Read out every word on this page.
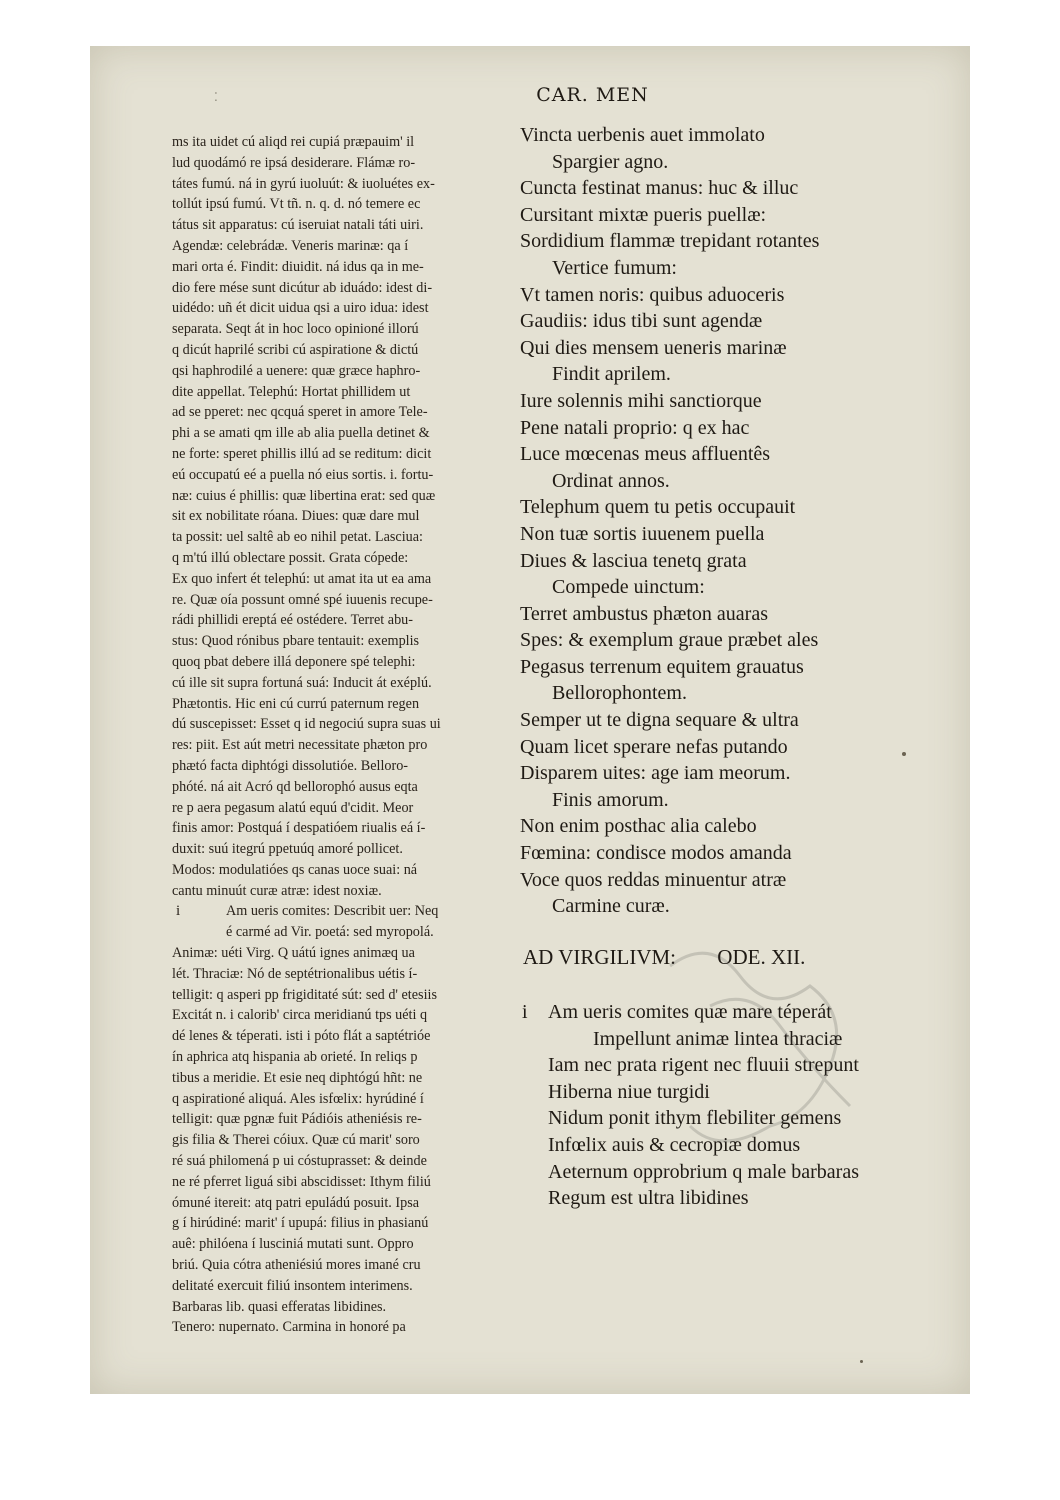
⁚	CAR. MEN
ms ita uidet cú aliqd rei cupiá præpauim' il
lud quodámó re ipsá desiderare. Flámæ ro-
tátes fumú. ná in gyrú iuoluút: & iuoluétes ex-
tollút ipsú fumú. Vt tñ. n. q. d. nó temere ec
tátus sit apparatus: cú iseruiat natali táti uiri.
Agendæ: celebrádæ. Veneris marinæ: qa í
mari orta é. Findit: diuidit. ná idus qa in me-
dio fere mése sunt dicútur ab iduádo: idest di-
uidédo: uñ ét dicit uidua qsi a uiro idua: idest
separata. Seqt át in hoc loco opinioné illorú
q dicút haprilé scribi cú aspiratione & dictú
qsi haphrodilé a uenere: quæ græce haphro-
dite appellat. Telephú: Hortat phillidem ut
ad se pperet: nec qcquá speret in amore Tele-
phi a se amati qm ille ab alia puella detinet &
ne forte: speret phillis illú ad se reditum: dicit
eú occupatú eé a puella nó eius sortis. i. fortu-
næ: cuius é phillis: quæ libertina erat: sed quæ
sit ex nobilitate róana. Diues: quæ dare mul
ta possit: uel saltê ab eo nihil petat. Lasciua:
q m'tú illú oblectare possit. Grata cópede:
Ex quo infert ét telephú: ut amat ita ut ea ama
re. Quæ oía possunt omné spé iuuenis recupe-
rádi phillidi ereptá eé ostédere. Terret abu-
stus: Quod rónibus pbare tentauit: exemplis
quoq pbat debere illá deponere spé telephi:
cú ille sit supra fortuná suá: Inducit át exéplú.
Phætontis. Hic eni cú currú paternum regen
dú suscepisset: Esset q id negociú supra suas ui
res: piit. Est aút metri necessitate phæton pro
phætó facta diphtógi dissolutióe. Belloro-
phóté. ná ait Acró qd bellorophó ausus eqta
re p aera pegasum alatú equú d'cidit. Meor
finis amor: Postquá í despatióem riualis eá í-
duxit: suú itegrú ppetuúq amoré pollicet.
Modos: modulatióes qs canas uoce suai: ná
cantu minuút curæ atræ: idest noxiæ.
i	Am ueris comites: Describit uer: Neq
é carmé ad Vir. poetá: sed myropolá.
Animæ: uéti Virg. Q uátú ignes animæq ua
lét. Thraciæ: Nó de septétrionalibus uétis í-
telligit: q asperi pp frigiditaté sút: sed d' etesiis
Excitát n. i calorib' circa meridianú tps uéti q
dé lenes & téperati. isti i póto flát a saptétrióe
ín aphrica atq hispania ab orieté. In reliqs p
tibus a meridie. Et esie neq diphtógú hñt: ne
q aspirationé aliquá. Ales isfœlix: hyrúdiné í
telligit: quæ pgnæ fuit Pádióis atheniésis re-
gis filia & Therei cóiux. Quæ cú marit' soro
ré suá philomená p ui cóstuprasset: & deinde
ne ré pferret liguá sibi abscidisset: Ithym filiú
ómuné itereit: atq patri epuládú posuit. Ipsa
g í hirúdiné: marit' í upupá: filius in phasianú
auê: philóena í lusciniá mutati sunt. Oppro
briú. Quia cótra atheniésiú mores imané cru
delitaté exercuit filiú insontem interimens.
Barbaras lib. quasi efferatas libidines.
Tenero: nupernato. Carmina in honoré pa
Vincta uerbenis auet immolato
Spargier agno.
Cuncta festinat manus: huc & illuc
Cursitant mixtæ pueris puellæ:
Sordidium flammæ trepidant rotantes
Vertice fumum:
Vt tamen noris: quibus aduoceris
Gaudiis: idus tibi sunt agendæ
Qui dies mensem ueneris marinæ
Findit aprilem.
Iure solennis mihi sanctiorque
Pene natali proprio: q ex hac
Luce mœcenas meus affluentês
Ordinat annos.
Telephum quem tu petis occupauit
Non tuæ sortis iuuenem puella
Diues & lasciua tenetq grata
Compede uinctum:
Terret ambustus phæton auaras
Spes: & exemplum graue præbet ales
Pegasus terrenum equitem grauatus
Bellorophontem.
Semper ut te digna sequare & ultra
Quam licet sperare nefas putando
Disparem uites: age iam meorum.
Finis amorum.
Non enim posthac alia calebo
Fœmina: condisce modos amanda
Voce quos reddas minuentur atræ
Carmine curæ.
AD VIRGILIVM: ODE. XII.
i Am ueris comites quæ mare téperát
Impellunt animæ lintea thraciæ
Iam nec prata rigent nec fluuii strepunt
Hiberna niue turgidi
Nidum ponit ithym flebiliter gemens
Infœlix auis & cecropiæ domus
Aeternum opprobrium q male barbaras
Regum est ultra libidines
